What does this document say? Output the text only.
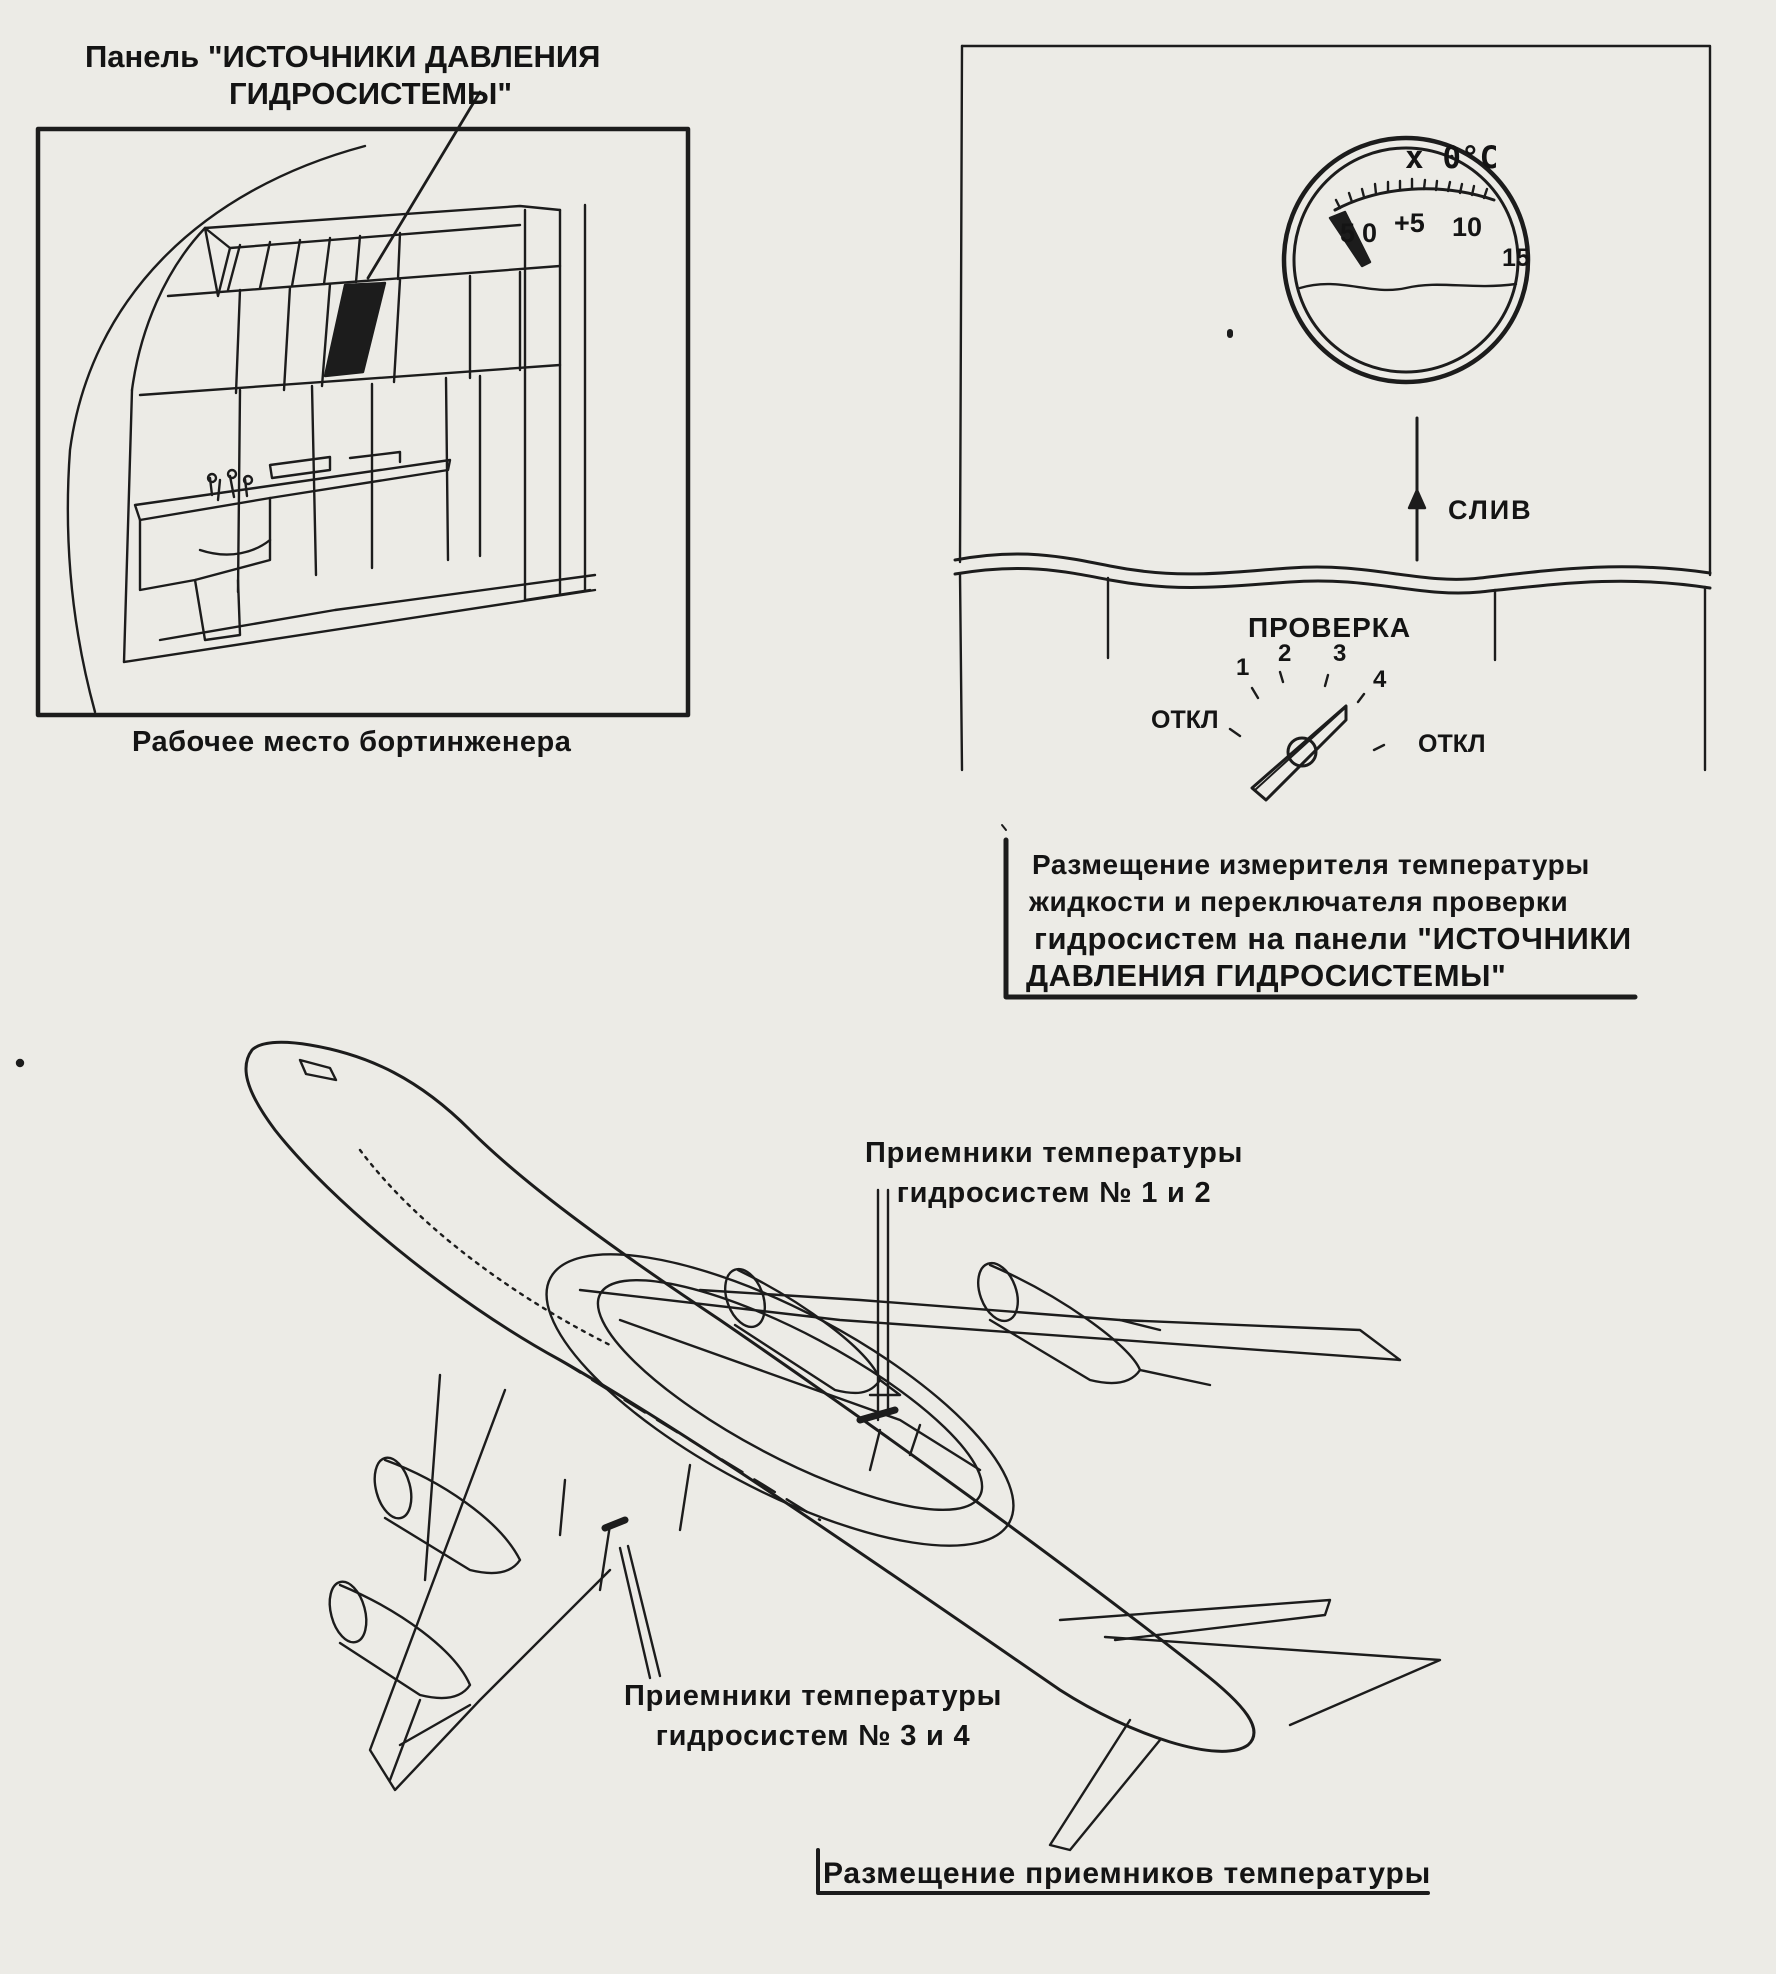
Панель "ИСТОЧНИКИ ДАВЛЕНИЯ
ГИДРОСИСТЕМЫ"
Рабочее место бортинженера
x 0°C
5 0 +5 10
15
СЛИВ
ПРОВЕРКА
1
2 3
4
ОТКЛ
ОТКЛ
Размещение измерителя температуры
жидкости и переключателя проверки
гидросистем на панели "ИСТОЧНИКИ
ДАВЛЕНИЯ ГИДРОСИСТЕМЫ"
Приемники температуры
гидросистем № 1 и 2
Приемники температуры
гидросистем № 3 и 4
Размещение приемников температуры
